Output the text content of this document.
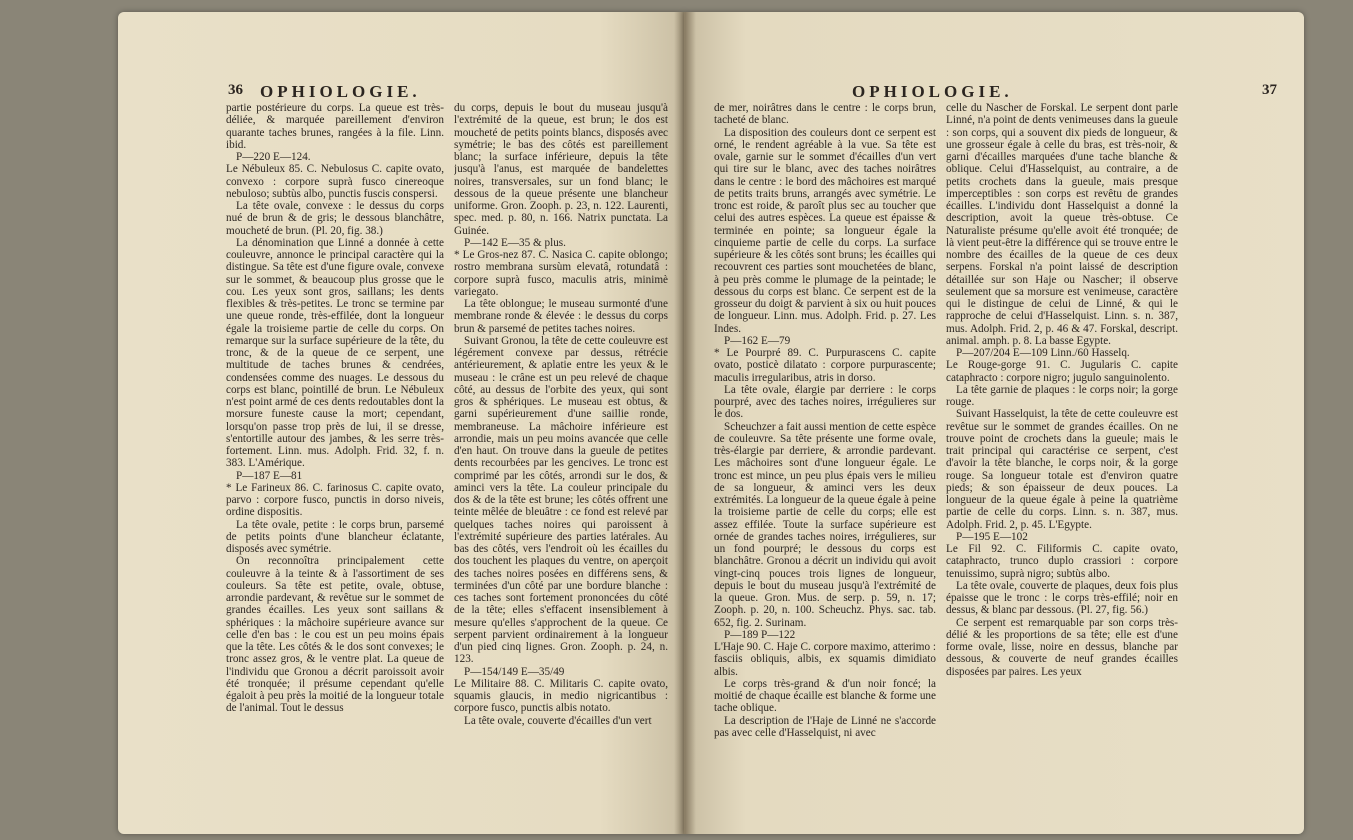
36 OPHIOLOGIE.

partie postérieure du corps. La queue est très-déliée, & marquée pareillement d'environ quarante taches brunes, rangées à la file. Linn. ibid.

P—220 E—124.

Le Nébuleux 85. C. Nebulosus C. capite ovato, convexo : corpore suprà fusco cinereoque nebuloso; subtùs albo, punctis fuscis conspersi.

La tête ovale, convexe : le dessus du corps nué de brun & de gris; le dessous blanchâtre, moucheté de brun. (Pl. 20, fig. 38.)

La dénomination que Linné a donnée à cette couleuvre, annonce le principal caractère qui la distingue. Sa tête est d'une figure ovale, convexe sur le sommet, & beaucoup plus grosse que le cou. Les yeux sont gros, saillans; les dents flexibles & très-petites. Le tronc se termine par une queue ronde, très-effilée, dont la longueur égale la troisieme partie de celle du corps. On remarque sur la surface supérieure de la tête, du tronc, & de la queue de ce serpent, une multitude de taches brunes & cendrées, condensées comme des nuages. Le dessous du corps est blanc, pointillé de brun. Le Nébuleux n'est point armé de ces dents redoutables dont la morsure funeste cause la mort; cependant, lorsqu'on passe trop près de lui, il se dresse, s'entortille autour des jambes, & les serre très-fortement. Linn. mus. Adolph. Frid. 32, f. n. 383. L'Amérique.

P—187 E—81

* Le Farineux 86. C. farinosus C. capite ovato, parvo : corpore fusco, punctis in dorso niveis, ordine dispositis.

La tête ovale, petite : le corps brun, parsemé de petits points d'une blancheur éclatante, disposés avec symétrie.

On reconnoîtra principalement cette couleuvre à la teinte & à l'assortiment de ses couleurs. Sa tête est petite, ovale, obtuse, arrondie pardevant, & revêtue sur le sommet de grandes écailles. Les yeux sont saillans & sphériques : la mâchoire supérieure avance sur celle d'en bas : le cou est un peu moins épais que la tête. Les côtés & le dos sont convexes; le tronc assez gros, & le ventre plat. La queue de l'individu que Gronou a décrit paroissoit avoir été tronquée; il présume cependant qu'elle égaloit à peu près la moitié de la longueur totale de l'animal. Tout le dessus

du corps, depuis le bout du museau jusqu'à l'extrémité de la queue, est brun; le dos est moucheté de petits points blancs, disposés avec symétrie; le bas des côtés est pareillement blanc; la surface inférieure, depuis la tête jusqu'à l'anus, est marquée de bandelettes noires, transversales, sur un fond blanc; le dessous de la queue présente une blancheur uniforme. Gron. Zooph. p. 23, n. 122. Laurenti, spec. med. p. 80, n. 166. Natrix punctata. La Guinée.

P—142 E—35 & plus.

* Le Gros-nez 87. C. Nasica C. capite oblongo; rostro membrana sursùm elevatâ, rotundatâ : corpore suprà fusco, maculis atris, minimè variegato.

La tête oblongue; le museau surmonté d'une membrane ronde & élevée : le dessus du corps brun & parsemé de petites taches noires.

Suivant Gronou, la tête de cette couleuvre est légérement convexe par dessus, rétrécie antérieurement, & aplatie entre les yeux & le museau : le crâne est un peu relevé de chaque côté, au dessus de l'orbite des yeux, qui sont gros & sphériques. Le museau est obtus, & garni supérieurement d'une saillie ronde, membraneuse. La mâchoire inférieure est arrondie, mais un peu moins avancée que celle d'en haut. On trouve dans la gueule de petites dents recourbées par les gencives. Le tronc est comprimé par les côtés, arrondi sur le dos, & aminci vers la tête. La couleur principale du dos & de la tête est brune; les côtés offrent une teinte mêlée de bleuâtre : ce fond est relevé par quelques taches noires qui paroissent à l'extrémité supérieure des parties latérales. Au bas des côtés, vers l'endroit où les écailles du dos touchent les plaques du ventre, on aperçoit des taches noires posées en différens sens, & terminées d'un côté par une bordure blanche : ces taches sont fortement prononcées du côté de la tête; elles s'effacent insensiblement à mesure qu'elles s'approchent de la queue. Ce serpent parvient ordinairement à la longueur d'un pied cinq lignes. Gron. Zooph. p. 24, n. 123.

P—154/149 E—35/49

Le Militaire 88. C. Militaris C. capite ovato, squamis glaucis, in medio nigricantibus : corpore fusco, punctis albis notato.

La tête ovale, couverte d'écailles d'un vert

OPHIOLOGIE.	37

de mer, noirâtres dans le centre : le corps brun, tacheté de blanc.

La disposition des couleurs dont ce serpent est orné, le rendent agréable à la vue. Sa tête est ovale, garnie sur le sommet d'écailles d'un vert qui tire sur le blanc, avec des taches noirâtres dans le centre : le bord des mâchoires est marqué de petits traits bruns, arrangés avec symétrie. Le tronc est roide, & paroît plus sec au toucher que celui des autres espèces. La queue est épaisse & terminée en pointe; sa longueur égale la cinquieme partie de celle du corps. La surface supérieure & les côtés sont bruns; les écailles qui recouvrent ces parties sont mouchetées de blanc, à peu près comme le plumage de la peintade; le dessous du corps est blanc. Ce serpent est de la grosseur du doigt & parvient à six ou huit pouces de longueur. Linn. mus. Adolph. Frid. p. 27. Les Indes.

P—162 E—79

* Le Pourpré 89. C. Purpurascens C. capite ovato, posticè dilatato : corpore purpurascente; maculis irregularibus, atris in dorso.

La tête ovale, élargie par derriere : le corps pourpré, avec des taches noires, irrégulieres sur le dos.

Scheuchzer a fait aussi mention de cette espèce de couleuvre. Sa tête présente une forme ovale, très-élargie par derriere, & arrondie pardevant. Les mâchoires sont d'une longueur égale. Le tronc est mince, un peu plus épais vers le milieu de sa longueur, & aminci vers les deux extrémités. La longueur de la queue égale à peine la troisieme partie de celle du corps; elle est assez effilée. Toute la surface supérieure est ornée de grandes taches noires, irrégulieres, sur un fond pourpré; le dessous du corps est blanchâtre. Gronou a décrit un individu qui avoit vingt-cinq pouces trois lignes de longueur, depuis le bout du museau jusqu'à l'extrémité de la queue. Gron. Mus. de serp. p. 59, n. 17; Zooph. p. 20, n. 100. Scheuchz. Phys. sac. tab. 652, fig. 2. Surinam.

P—189 P—122

L'Haje 90. C. Haje C. corpore maximo, atterimo : fasciis obliquis, albis, ex squamis dimidiato albis.

Le corps très-grand & d'un noir foncé; la moitié de chaque écaille est blanche & forme une tache oblique.

La description de l'Haje de Linné ne s'accorde pas avec celle d'Hasselquist, ni avec

celle du Nascher de Forskal. Le serpent dont parle Linné, n'a point de dents venimeuses dans la gueule : son corps, qui a souvent dix pieds de longueur, & une grosseur égale à celle du bras, est très-noir, & garni d'écailles marquées d'une tache blanche & oblique. Celui d'Hasselquist, au contraire, a de petits crochets dans la gueule, mais presque imperceptibles : son corps est revêtu de grandes écailles. L'individu dont Hasselquist a donné la description, avoit la queue très-obtuse. Ce Naturaliste présume qu'elle avoit été tronquée; de là vient peut-être la différence qui se trouve entre le nombre des écailles de la queue de ces deux serpens. Forskal n'a point laissé de description détaillée sur son Haje ou Nascher; il observe seulement que sa morsure est venimeuse, caractère qui le distingue de celui de Linné, & qui le rapproche de celui d'Hasselquist. Linn. s. n. 387, mus. Adolph. Frid. 2, p. 46 & 47. Forskal, descript. animal. amph. p. 8. La basse Egypte.

P—207/204 E—109 Linn./60 Hasselq.

Le Rouge-gorge 91. C. Jugularis C. capite cataphracto : corpore nigro; jugulo sanguinolento.

La tête garnie de plaques : le corps noir; la gorge rouge.

Suivant Hasselquist, la tête de cette couleuvre est revêtue sur le sommet de grandes écailles. On ne trouve point de crochets dans la gueule; mais le trait principal qui caractérise ce serpent, c'est d'avoir la tête blanche, le corps noir, & la gorge rouge. Sa longueur totale est d'environ quatre pieds; & son épaisseur de deux pouces. La longueur de la queue égale à peine la quatrième partie de celle du corps. Linn. s. n. 387, mus. Adolph. Frid. 2, p. 45. L'Egypte.

P—195 E—102

Le Fil 92. C. Filiformis C. capite ovato, cataphracto, trunco duplo crassiori : corpore tenuissimo, suprà nigro; subtùs albo.

La tête ovale, couverte de plaques, deux fois plus épaisse que le tronc : le corps très-effilé; noir en dessus, & blanc par dessous. (Pl. 27, fig. 56.)

Ce serpent est remarquable par son corps très-délié & les proportions de sa tête; elle est d'une forme ovale, lisse, noire en dessus, blanche par dessous, & couverte de neuf grandes écailles disposées par paires. Les yeux
